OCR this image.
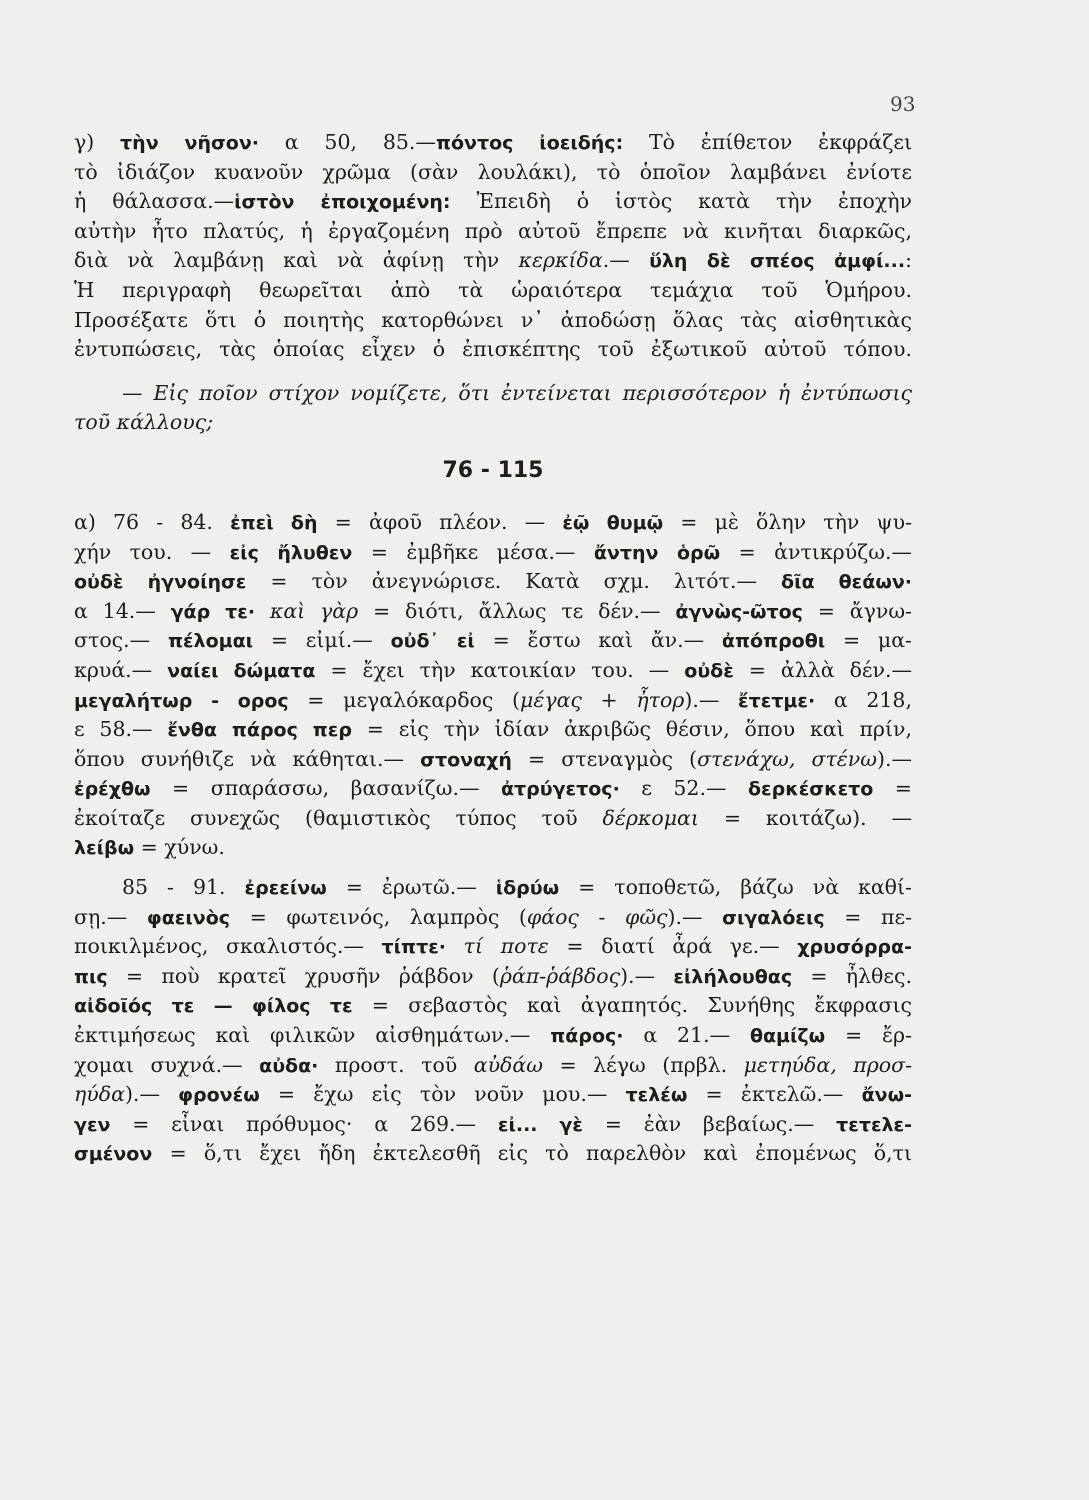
93
γ) τὴν νῆσον· α 50, 85.—πόντος ἰοειδής: Τὸ ἐπίθετον ἐκφράζει
τὸ ἰδιάζον κυανοῦν χρῶμα (σὰν λουλάκι), τὸ ὁποῖον λαμβάνει ἐνίοτε
ἡ θάλασσα.—ἱστὸν ἐποιχομένη: Ἐπειδὴ ὁ ἱστὸς κατὰ τὴν ἐποχὴν
αὐτὴν ἦτο πλατύς, ἡ ἐργαζομένη πρὸ αὐτοῦ ἔπρεπε νὰ κινῆται διαρκῶς,
διὰ νὰ λαμβάνῃ καὶ νὰ ἀφίνῃ τὴν κερκίδα.— ὕλη δὲ σπέος ἀμφί...:
Ἡ περιγραφὴ θεωρεῖται ἀπὸ τὰ ὡραιότερα τεμάχια τοῦ Ὁμήρου.
Προσέξατε ὅτι ὁ ποιητὴς κατορθώνει ν᾽ ἀποδώσῃ ὅλας τὰς αἰσθητικὰς
ἐντυπώσεις, τὰς ὁποίας εἶχεν ὁ ἐπισκέπτης τοῦ ἐξωτικοῦ αὐτοῦ τόπου.
— Εἰς ποῖον στίχον νομίζετε, ὅτι ἐντείνεται περισσότερον ἡ ἐντύπωσις
τοῦ κάλλους;
76 - 115
α) 76 - 84. ἐπεὶ δὴ = ἀφοῦ πλέον. — ἐῷ θυμῷ = μὲ ὅλην τὴν ψυ-
χήν του. — εἰς ἤλυθεν = ἐμβῆκε μέσα.— ἄντην ὁρῶ = ἀντικρύζω.—
οὐδὲ ἠγνοίησε = τὸν ἀνεγνώρισε. Κατὰ σχμ. λιτότ.— δῖα θεάων·
α 14.— γάρ τε· καὶ γὰρ = διότι, ἄλλως τε δέν.— ἀγνὼς-ῶτος = ἄγνω-
στος.— πέλομαι = εἰμί.— οὐδ᾽ εἰ = ἔστω καὶ ἄν.— ἀπόπροθι = μα-
κρυά.— ναίει δώματα = ἔχει τὴν κατοικίαν του. — οὐδὲ = ἀλλὰ δέν.—
μεγαλήτωρ - ορος = μεγαλόκαρδος (μέγας + ἦτορ).— ἔτετμε· α 218,
ε 58.— ἔνθα πάρος περ = εἰς τὴν ἰδίαν ἀκριβῶς θέσιν, ὅπου καὶ πρίν,
ὅπου συνήθιζε νὰ κάθηται.— στοναχή = στεναγμὸς (στενάχω, στένω).—
ἐρέχθω = σπαράσσω, βασανίζω.— ἀτρύγετος· ε 52.— δερκέσκετο =
ἐκοίταζε συνεχῶς (θαμιστικὸς τύπος τοῦ δέρκομαι = κοιτάζω). —
λείβω = χύνω.
85 - 91. ἐρεείνω = ἐρωτῶ.— ἱδρύω = τοποθετῶ, βάζω νὰ καθί-
σῃ.— φαεινὸς = φωτεινός, λαμπρὸς (φάος - φῶς).— σιγαλόεις = πε-
ποικιλμένος, σκαλιστός.— τίπτε· τί ποτε = διατί ἆρά γε.— χρυσόρρα-
πις = ποὺ κρατεῖ χρυσῆν ῥάβδον (ῥάπ-ῥάβδος).— εἰλήλουθας = ἦλθες.
αἰδοῖός τε — φίλος τε = σεβαστὸς καὶ ἀγαπητός. Συνήθης ἔκφρασις
ἐκτιμήσεως καὶ φιλικῶν αἰσθημάτων.— πάρος· α 21.— θαμίζω = ἔρ-
χομαι συχνά.— αὐδα· προστ. τοῦ αὐδάω = λέγω (πρβλ. μετηύδα, προσ-
ηύδα).— φρονέω = ἔχω εἰς τὸν νοῦν μου.— τελέω = ἐκτελῶ.— ἄνω-
γεν = εἶναι πρόθυμος· α 269.— εἰ... γὲ = ἐὰν βεβαίως.— τετελε-
σμένον = ὅ,τι ἔχει ἤδη ἐκτελεσθῆ εἰς τὸ παρελθὸν καὶ ἐπομένως ὅ,τι
